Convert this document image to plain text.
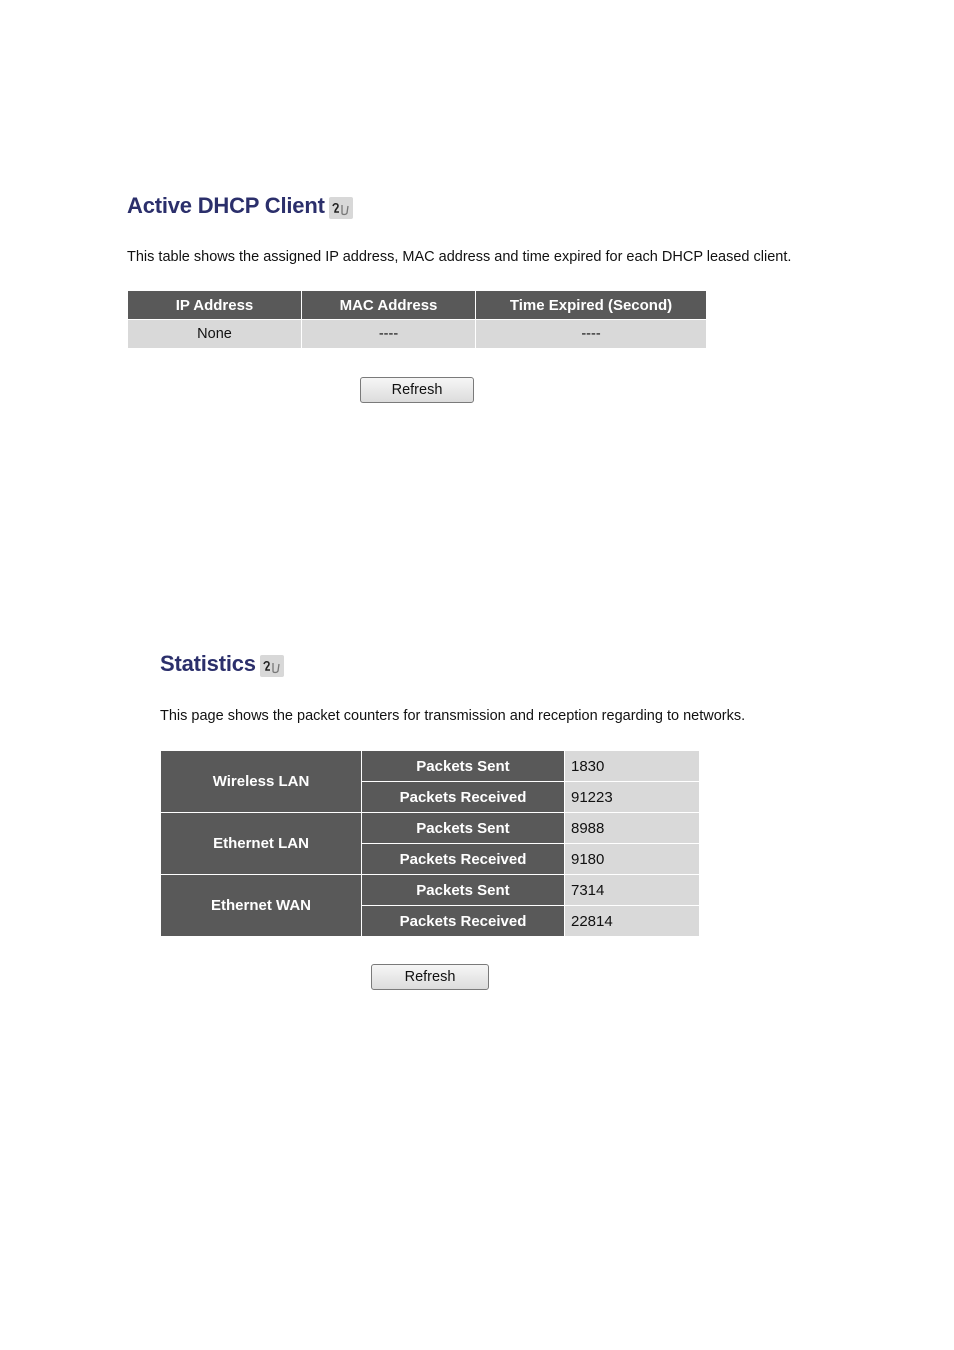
Active DHCP Client

This table shows the assigned IP address, MAC address and time expired for each DHCP leased client.

IP Address	MAC Address	Time Expired (Second)
None	----	----
Refresh
Statistics

This page shows the packet counters for transmission and reception regarding to networks.

Wireless LAN	Packets Sent	1830
	Packets Received	91223
Ethernet LAN	Packets Sent	8988
	Packets Received	9180
Ethernet WAN	Packets Sent	7314
	Packets Received	22814
Refresh
